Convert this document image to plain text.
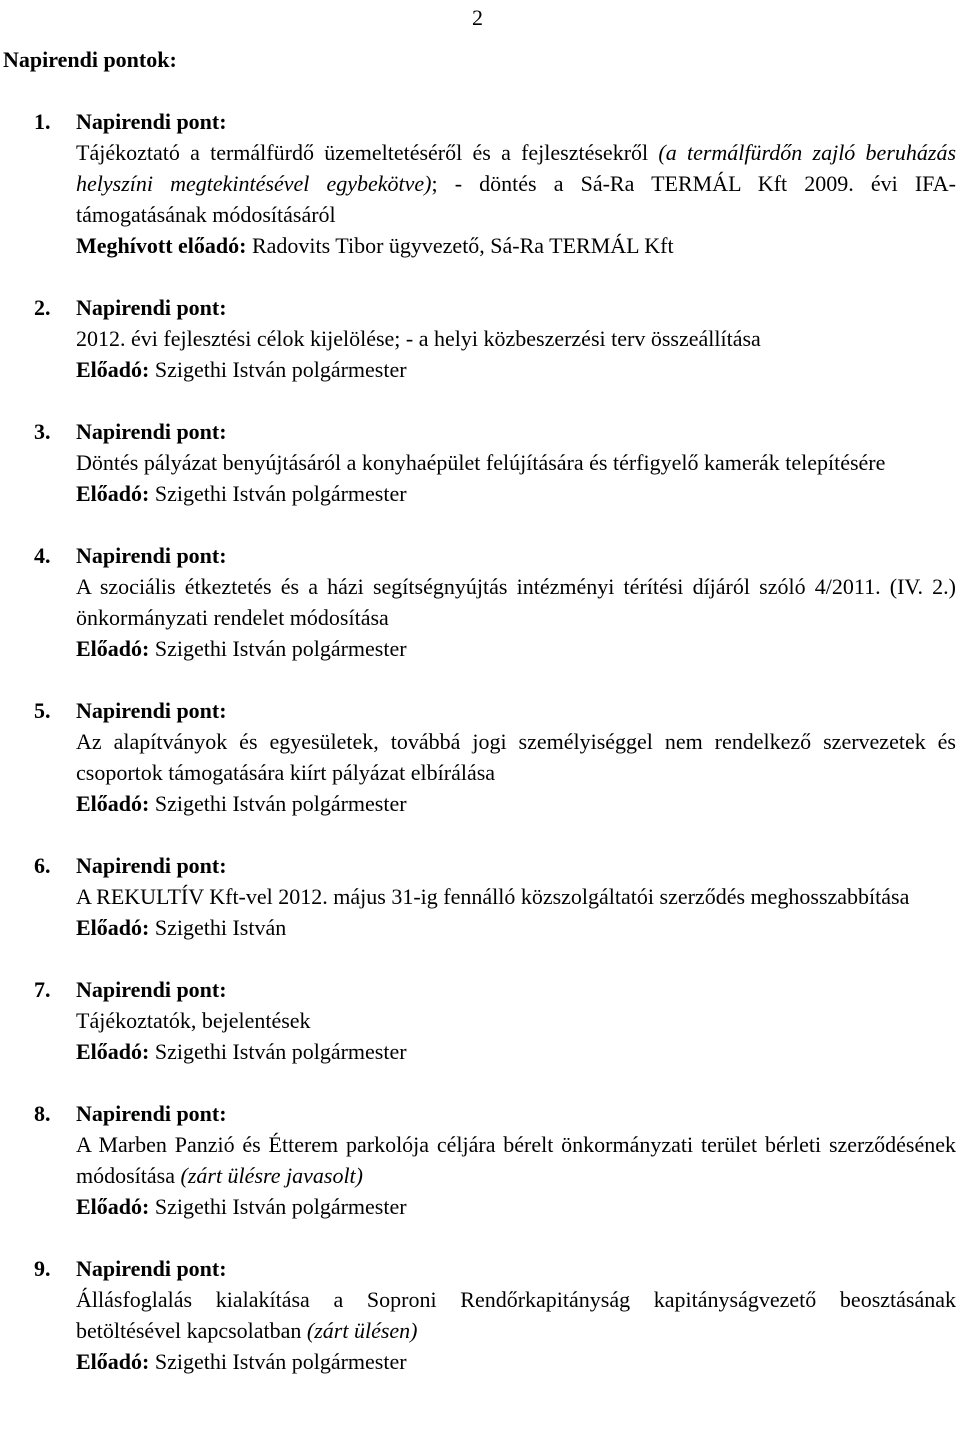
2
Napirendi pontok:
1. Napirendi pont:
Tájékoztató a termálfürdő üzemeltetéséről és a fejlesztésekről (a termálfürdőn zajló beruházás helyszíni megtekintésével egybekötve); - döntés a Sá-Ra TERMÁL Kft 2009. évi IFA-támogatásának módosításáról
Meghívott előadó: Radovits Tibor ügyvezető, Sá-Ra TERMÁL Kft
2. Napirendi pont:
2012. évi fejlesztési célok kijelölése; - a helyi közbeszerzési terv összeállítása
Előadó: Szigethi István polgármester
3. Napirendi pont:
Döntés pályázat benyújtásáról a konyhaépület felújítására és térfigyelő kamerák telepítésére
Előadó: Szigethi István polgármester
4. Napirendi pont:
A szociális étkeztetés és a házi segítségnyújtás intézményi térítési díjáról szóló 4/2011. (IV. 2.) önkormányzati rendelet módosítása
Előadó: Szigethi István polgármester
5. Napirendi pont:
Az alapítványok és egyesületek, továbbá jogi személyiséggel nem rendelkező szervezetek és csoportok támogatására kiírt pályázat elbírálása
Előadó: Szigethi István polgármester
6. Napirendi pont:
A REKULTÍV Kft-vel 2012. május 31-ig fennálló közszolgáltatói szerződés meghosszabbítása
Előadó: Szigethi István
7. Napirendi pont:
Tájékoztatók, bejelentések
Előadó: Szigethi István polgármester
8. Napirendi pont:
A Marben Panzió és Étterem parkolója céljára bérelt önkormányzati terület bérleti szerződésének módosítása (zárt ülésre javasolt)
Előadó: Szigethi István polgármester
9. Napirendi pont:
Állásfoglalás kialakítása a Soproni Rendőrkapitányság kapitányságvezető beosztásának betöltésével kapcsolatban (zárt ülésen)
Előadó: Szigethi István polgármester
